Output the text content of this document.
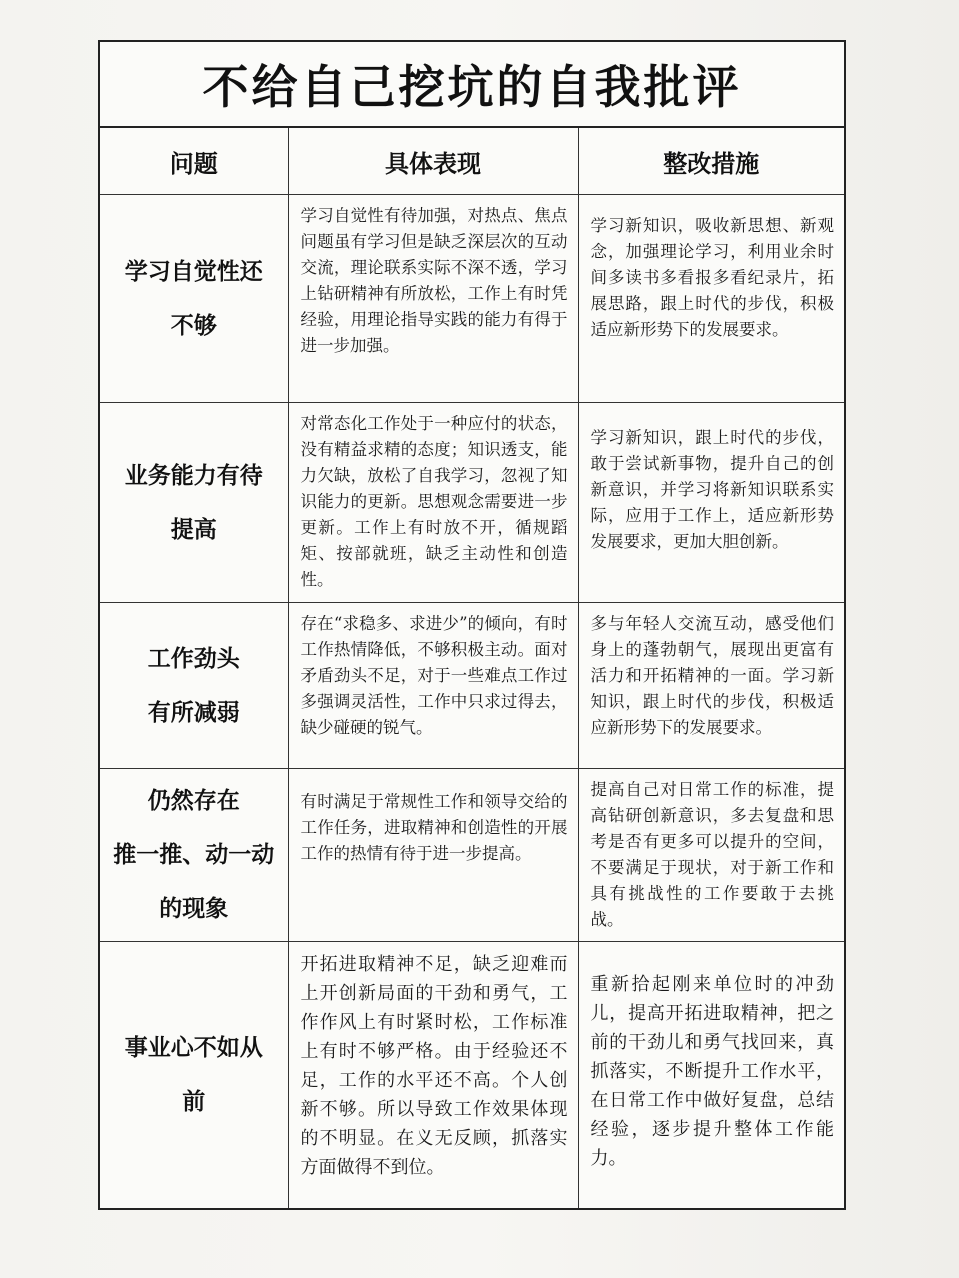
不给自己挖坑的自我批评
问题	具体表现	整改措施

学习自觉性还
不够	学习自觉性有待加强，对热点、焦点问题虽有学习但是缺乏深层次的互动交流，理论联系实际不深不透，学习上钻研精神有所放松，工作上有时凭经验，用理论指导实践的能力有得于进一步加强。	学习新知识，吸收新思想、新观念，加强理论学习，利用业余时间多读书多看报多看纪录片，拓展思路，跟上时代的步伐，积极适应新形势下的发展要求。

业务能力有待
提高	对常态化工作处于一种应付的状态，没有精益求精的态度；知识透支，能力欠缺，放松了自我学习，忽视了知识能力的更新。思想观念需要进一步更新。工作上有时放不开，循规蹈矩、按部就班，缺乏主动性和创造性。	学习新知识，跟上时代的步伐，敢于尝试新事物，提升自己的创新意识，并学习将新知识联系实际，应用于工作上，适应新形势发展要求，更加大胆创新。

工作劲头
有所减弱	存在“求稳多、求进少”的倾向，有时工作热情降低，不够积极主动。面对矛盾劲头不足，对于一些难点工作过多强调灵活性，工作中只求过得去，缺少碰硬的锐气。	多与年轻人交流互动，感受他们身上的蓬勃朝气，展现出更富有活力和开拓精神的一面。学习新知识，跟上时代的步伐，积极适应新形势下的发展要求。

仍然存在
推一推、动一动
的现象	有时满足于常规性工作和领导交给的工作任务，进取精神和创造性的开展工作的热情有待于进一步提高。	提高自己对日常工作的标准，提高钻研创新意识，多去复盘和思考是否有更多可以提升的空间，不要满足于现状，对于新工作和具有挑战性的工作要敢于去挑战。

事业心不如从
前	开拓进取精神不足，缺乏迎难而上开创新局面的干劲和勇气，工作作风上有时紧时松，工作标准上有时不够严格。由于经验还不足，工作的水平还不高。个人创新不够。所以导致工作效果体现的不明显。在义无反顾，抓落实方面做得不到位。	重新拾起刚来单位时的冲劲儿，提高开拓进取精神，把之前的干劲儿和勇气找回来，真抓落实，不断提升工作水平，在日常工作中做好复盘，总结经验，逐步提升整体工作能力。
